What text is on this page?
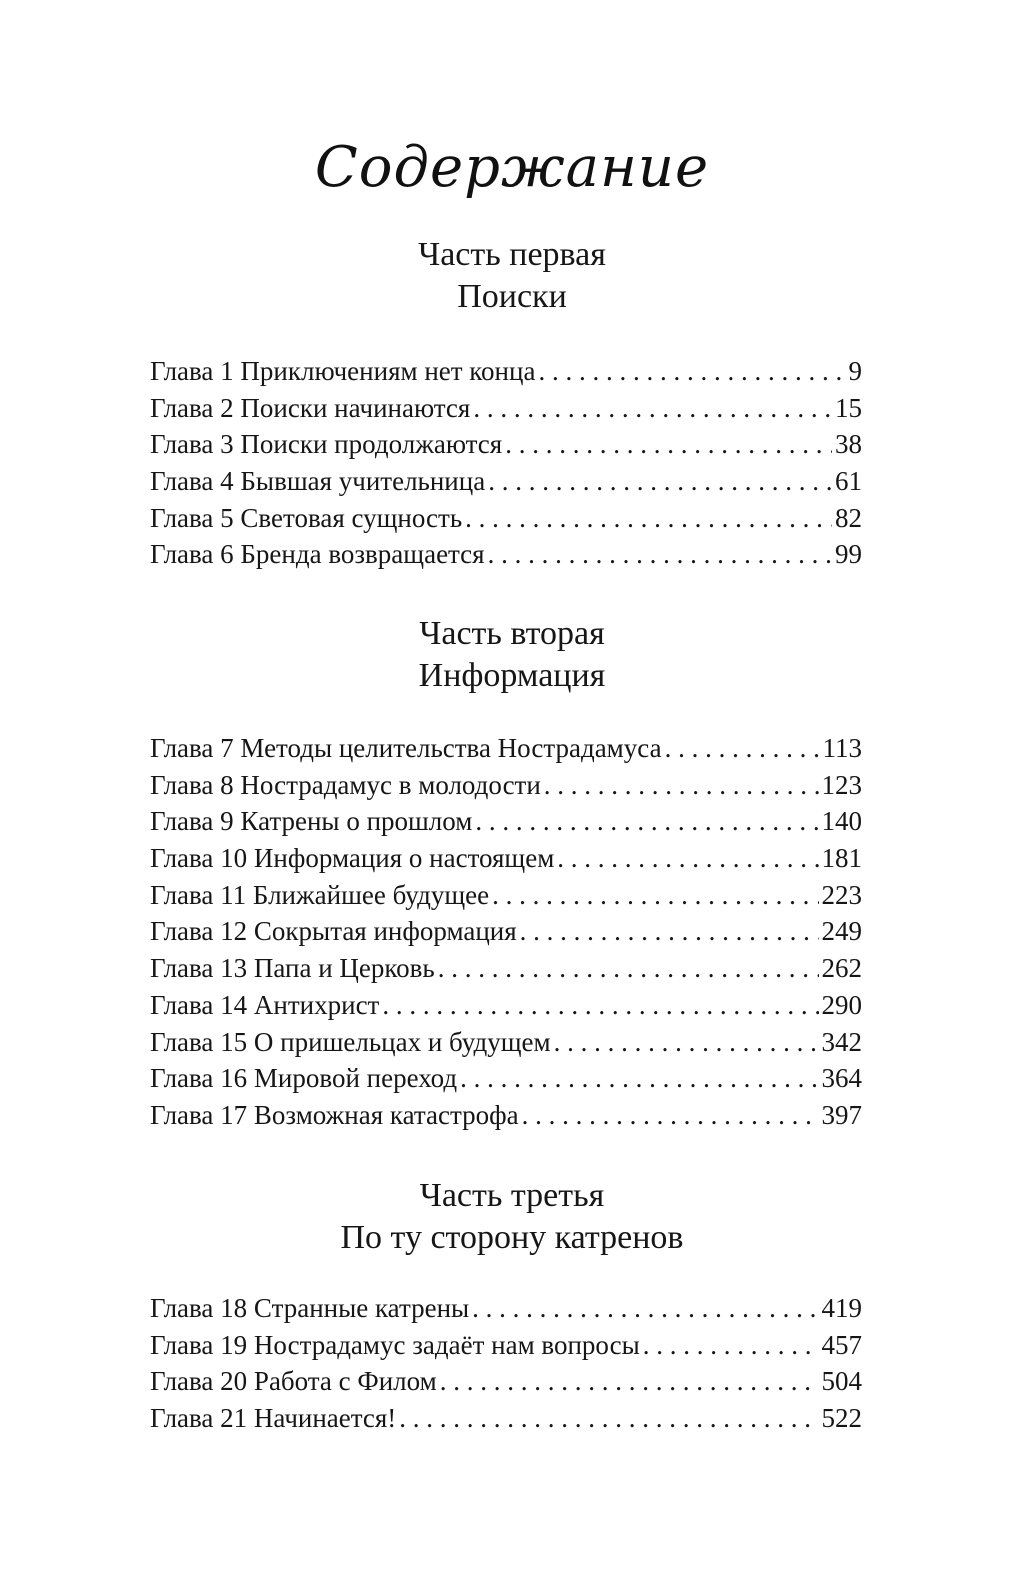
Содержание
Часть первая
Поиски
Глава 1 Приключениям нет конца . . .	9
Глава 2 Поиски начинаются . . .	15
Глава 3 Поиски продолжаются . . .	38
Глава 4 Бывшая учительница . . .	61
Глава 5 Световая сущность . . .	82
Глава 6 Бренда возвращается . . .	99
Часть вторая
Информация
Глава 7 Методы целительства Нострадамуса . . .	113
Глава 8 Нострадамус в молодости . . .	123
Глава 9 Катрены о прошлом . . .	140
Глава 10 Информация о настоящем . . .	181
Глава 11 Ближайшее будущее . . .	223
Глава 12 Сокрытая информация . . .	249
Глава 13 Папа и Церковь . . .	262
Глава 14 Антихрист . . .	290
Глава 15 О пришельцах и будущем . . .	342
Глава 16 Мировой переход . . .	364
Глава 17 Возможная катастрофа . . .	397
Часть третья
По ту сторону катренов
Глава 18 Странные катрены . . .	419
Глава 19 Нострадамус задаёт нам вопросы . . .	457
Глава 20 Работа с Филом . . .	504
Глава 21 Начинается! . . .	522
